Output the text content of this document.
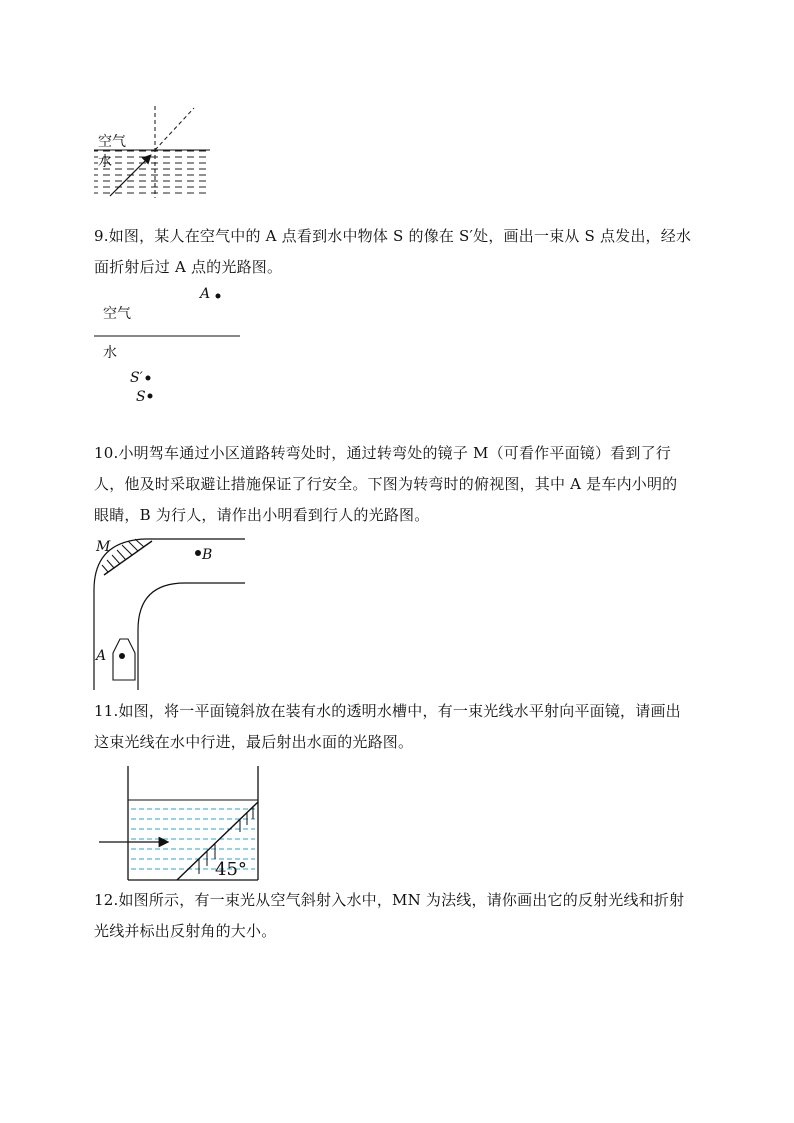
空气
水

9.如图，某人在空气中的 A 点看到水中物体 S 的像在 S′处，画出一束从 S 点发出，经水

面折射后过 A 点的光路图。

A
空气
水
S′
S

10.小明驾车通过小区道路转弯处时，通过转弯处的镜子 M（可看作平面镜）看到了行

人，他及时采取避让措施保证了行安全。下图为转弯时的俯视图，其中 A 是车内小明的

眼睛，B 为行人，请作出小明看到行人的光路图。

M	B
A

11.如图，将一平面镜斜放在装有水的透明水槽中，有一束光线水平射向平面镜，请画出

这束光线在水中行进，最后射出水面的光路图。

45°

12.如图所示，有一束光从空气斜射入水中，MN 为法线，请你画出它的反射光线和折射

光线并标出反射角的大小。
